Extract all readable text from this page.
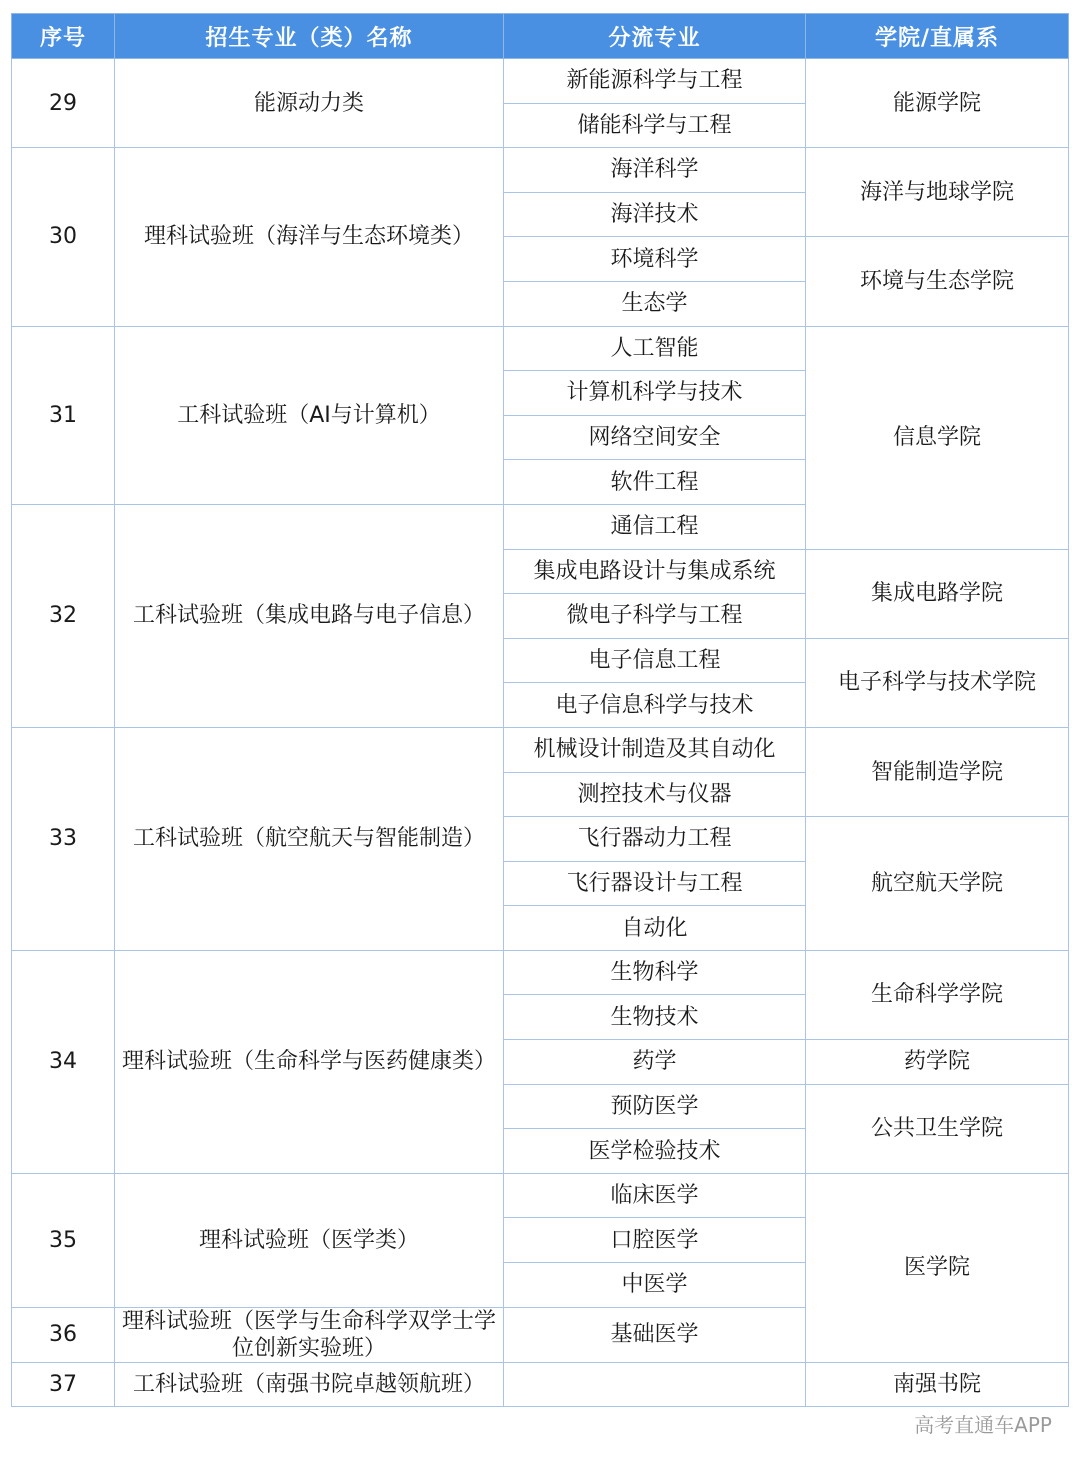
序号	招生专业（类）名称	分流专业	学院/直属系
29	能源动力类	新能源科学与工程	能源学院
		储能科学与工程	
30	理科试验班（海洋与生态环境类）	海洋科学	海洋与地球学院
		海洋技术	
		环境科学	环境与生态学院
		生态学	
31	工科试验班（AI与计算机）	人工智能	信息学院
		计算机科学与技术	
		网络空间安全	
		软件工程	
32	工科试验班（集成电路与电子信息）	通信工程	
		集成电路设计与集成系统	集成电路学院
		微电子科学与工程	
		电子信息工程	电子科学与技术学院
		电子信息科学与技术	
33	工科试验班（航空航天与智能制造）	机械设计制造及其自动化	智能制造学院
		测控技术与仪器	
		飞行器动力工程	航空航天学院
		飞行器设计与工程	
		自动化	
34	理科试验班（生命科学与医药健康类）	生物科学	生命科学学院
		生物技术	
		药学	药学院
		预防医学	公共卫生学院
		医学检验技术	
35	理科试验班（医学类）	临床医学	医学院
		口腔医学	
		中医学	
36	理科试验班（医学与生命科学双学士学位创新实验班）	基础医学	

37	工科试验班（南强书院卓越领航班）		南强书院

高考直通车APP
